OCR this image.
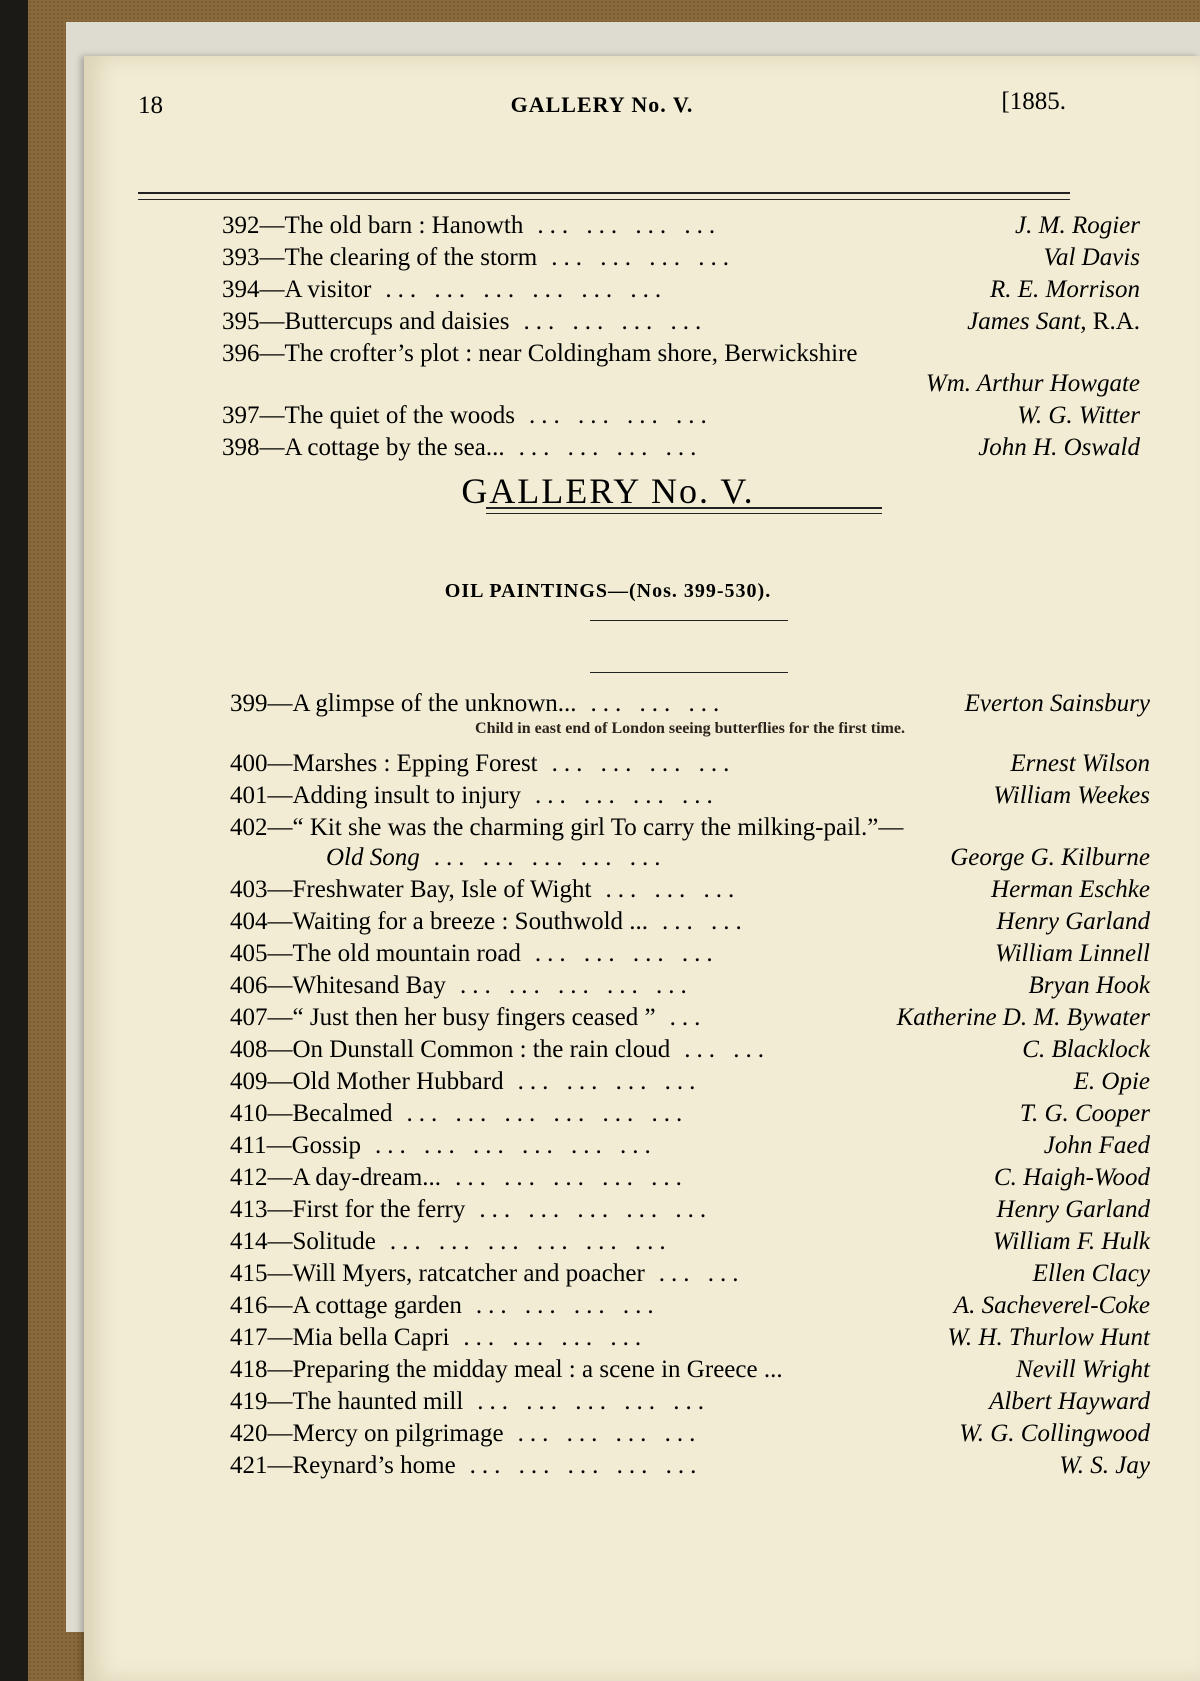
18	GALLERY No. V.	[1885.
392—The old barn : Hanowth ... ... ... ...	J. M. Rogier
393—The clearing of the storm ... ... ... ...	Val Davis
394—A visitor ... ... ... ... ... ...	R. E. Morrison
395—Buttercups and daisies ... ... ... ...	James Sant, R.A.
396—The crofter’s plot : near Coldingham shore, Berwickshire
Wm. Arthur Howgate
397—The quiet of the woods ... ... ... ...	W. G. Witter
398—A cottage by the sea... ... ... ... ...	John H. Oswald
GALLERY No. V.
OIL PAINTINGS—(Nos. 399-530).
399—A glimpse of the unknown... ... ... ...	Everton Sainsbury
Child in east end of London seeing butterflies for the first time.
400—Marshes : Epping Forest ... ... ... ...	Ernest Wilson
401—Adding insult to injury ... ... ... ...	William Weekes
402—“ Kit she was the charming girl To carry the milking-pail.”—
Old Song ... ... ... ... ...	George G. Kilburne
403—Freshwater Bay, Isle of Wight ... ... ...	Herman Eschke
404—Waiting for a breeze : Southwold ... ... ...	Henry Garland
405—The old mountain road ... ... ... ...	William Linnell
406—Whitesand Bay ... ... ... ... ...	Bryan Hook
407—“ Just then her busy fingers ceased ” ...	Katherine D. M. Bywater
408—On Dunstall Common : the rain cloud ... ...	C. Blacklock
409—Old Mother Hubbard ... ... ... ...	E. Opie
410—Becalmed ... ... ... ... ... ...	T. G. Cooper
411—Gossip ... ... ... ... ... ...	John Faed
412—A day-dream... ... ... ... ... ...	C. Haigh-Wood
413—First for the ferry ... ... ... ... ...	Henry Garland
414—Solitude ... ... ... ... ... ...	William F. Hulk
415—Will Myers, ratcatcher and poacher ... ...	Ellen Clacy
416—A cottage garden ... ... ... ...	A. Sacheverel-Coke
417—Mia bella Capri ... ... ... ...	W. H. Thurlow Hunt
418—Preparing the midday meal : a scene in Greece ...	Nevill Wright
419—The haunted mill ... ... ... ... ...	Albert Hayward
420—Mercy on pilgrimage ... ... ... ...	W. G. Collingwood
421—Reynard’s home ... ... ... ... ...	W. S. Jay
